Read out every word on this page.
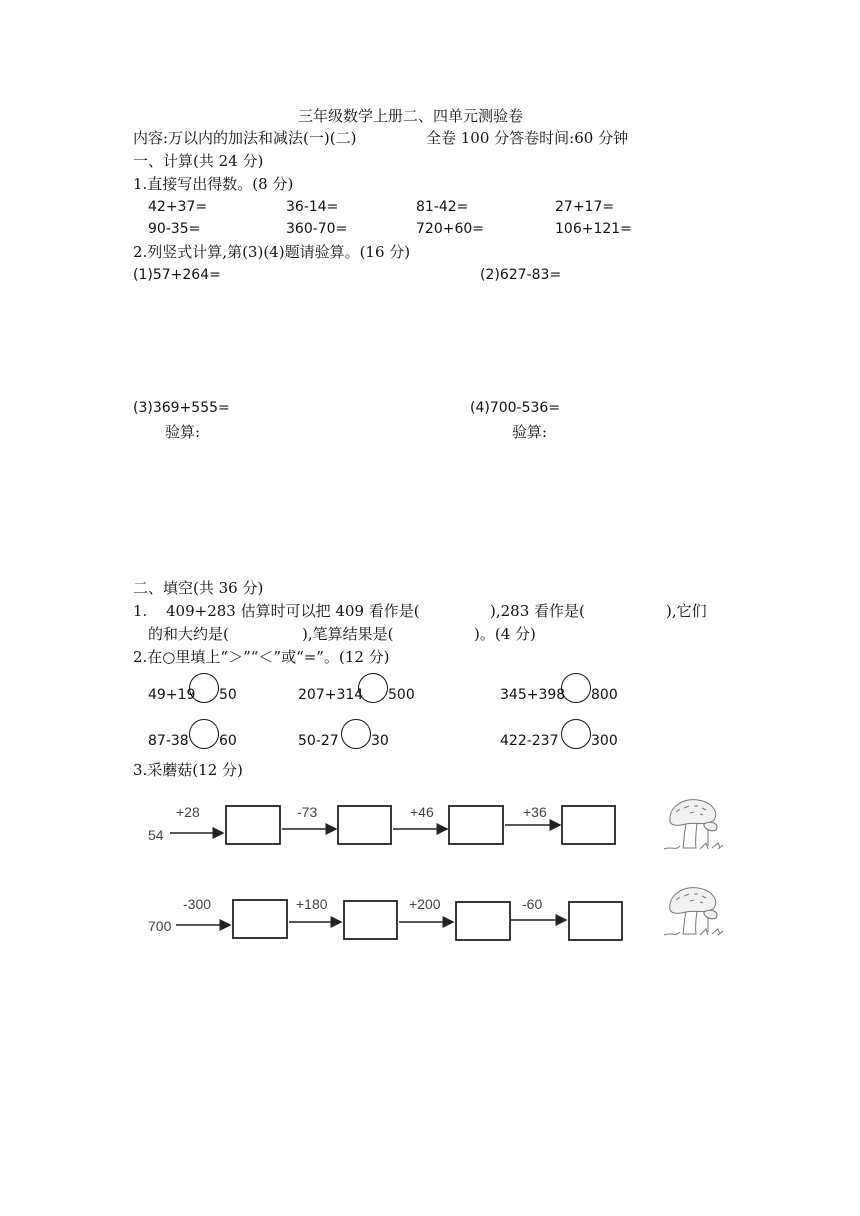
三年级数学上册二、四单元测验卷
内容:万以内的加法和减法(一)(二)	全卷 100 分答卷时间:60 分钟
一、计算(共 24 分)
1.直接写出得数。(8 分)
42+37=	36-14=	81-42=	27+17=
90-35=	360-70=	720+60=	106+121=
2.列竖式计算,第(3)(4)题请验算。(16 分)
(1)57+264=	(2)627-83=
(3)369+555=	(4)700-536=
验算:	验算:
二、填空(共 36 分)
1. 409+283 估算时可以把 409 看作是(	),283 看作是(	),它们
的和大约是(	),笔算结果是(	)。(4 分)
2.在○里填上“＞”“＜”或“=”。(12 分)
49+19 50	207+314 500	345+398 800
87-38 60	50-27 30	422-237 300
3.采蘑菇(12 分)
54
+28	-73	+46	+36
700
-300	+180	+200	-60
